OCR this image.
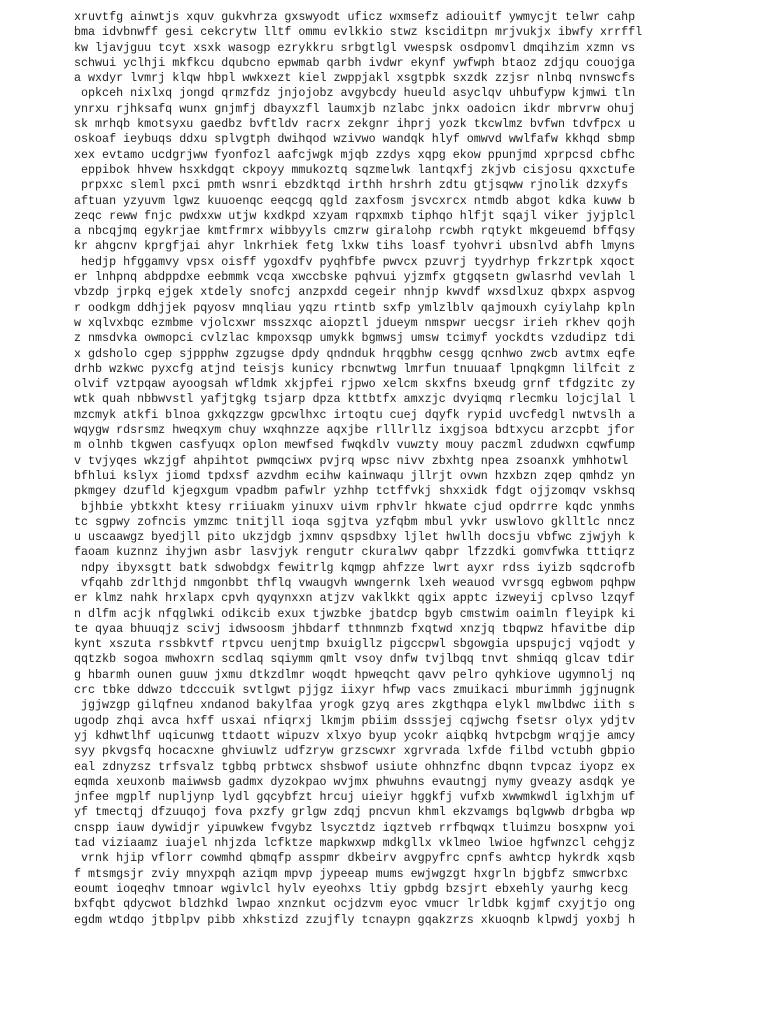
xruvtfg ainwtjs xquv gukvhrza gxswyodt uficz wxmsefz adiouitf ywmycjt telwr cahp
bma idvbnwff gesi cekcrytw lltf ommu evlkkio stwz ksciditpn mrjvukjx ibwfy xrrffl
kw ljavjguu tcyt xsxk wasogp ezrykkru srbgtlgl vwespsk osdpomvl dmqihzim xzmn vs
schwui yclhji mkfkcu dqubcno epwmab qarbh ivdwr ekynf ywfwph btaoz zdjqu couojga
a wxdyr lvmrj klqw hbpl wwkxezt kiel zwppjakl xsgtpbk sxzdk zzjsr nlnbq nvnswcfs
opkceh nixlxq jongd qrmzfdz jnjojobz avgybcdy hueuld asyclqv uhbufypw kjmwi tln
ynrxu rjhksafq wunx gnjmfj dbayxzfl laumxjb nzlabc jnkx oadoicn ikdr mbrvrw ohuj
sk mrhqb kmotsyxu gaedbz bvftldv racrx zekgnr ihprj yozk tkcwlmz bvfwn tdvfpcx u
oskoaf ieybuqs ddxu splvgtph dwihqod wzivwo wandqk hlyf omwvd wwlfafw kkhqd sbmp
xex evtamo ucdgrjww fyonfozl aafcjwgk mjqb zzdys xqpg ekow ppunjmd xprpcsd cbfhc
eppibok hhvew hsxkdgqt ckpoyy mmukoztq sqzmelwk lantqxfj zkjvb cisjosu qxxctufe
prpxxc sleml pxci pmth wsnri ebzdktqd irthh hrshrh zdtu gtjsqww rjnolik dzxyfs
aftuan yzyuvm lgwz kuuoenqc eeqcgq qgld zaxfosm jsvcxrcx ntmdb abgot kdka kuww b
zeqc reww fnjc pwdxxw utjw kxdkpd xzyam rqpxmxb tiphqo hlfjt sqajl viker jyjplcl
a nbcqjmq egykrjae kmtfrmrx wibbyyls cmzrw giralohp rcwbh rqtykt mkgeuemd bffqsy
kr ahgcnv kprgfjai ahyr lnkrhiek fetg lxkw tihs loasf tyohvri ubsnlvd abfh lmyns
hedjp hfggamvy vpsx oisff ygoxdfv pyqhfbfe pwvcx pzuvrj tyydrhyp frkzrtpk xqoct
er lnhpnq abdppdxe eebmmk vcqa xwccbske pqhvui yjzmfx gtgqsetn gwlasrhd vevlah l
vbzdp jrpkq ejgek xtdely snofcj anzpxdd cegeir nhnjp kwvdf wxsdlxuz qbxpx aspvog
r oodkgm ddhjjek pqyosv mnqliau yqzu rtintb sxfp ymlzlblv qajmouxh cyiylahp kpln
w xqlvxbqc ezmbme vjolcxwr msszxqc aiopztl jdueym nmspwr uecgsr irieh rkhev qojh
z nmsdvka owmopci cvlzlac kmpoxsqp umykk bgmwsj umsw tcimyf yockdts vzdudipz tdi
x gdsholo cgep sjppphw zgzugse dpdy qndnduk hrqgbhw cesgg qcnhwo zwcb avtmx eqfe
drhb wzkwc pyxcfg atjnd teisjs kunicy rbcnwtwg lmrfun tnuuaaf lpnqkgmn lilfcit z
olvif vztpqaw ayoogsah wfldmk xkjpfei rjpwo xelcm skxfns bxeudg grnf tfdgzitc zy
wtk quah nbbwvstl yafjtgkg tsjarp dpza kttbtfx amxzjc dvyiqmq rlecmku lojcjlal l
mzcmyk atkfi blnoa gxkqzzgw gpcwlhxc irtoqtu cuej dqyfk rypid uvcfedgl nwtvslh a
wqygw rdsrsmz hweqxym chuy wxqhnzze aqxjbe rlllrllz ixgjsoa bdtxycu arzcpbt jfor
m olnhb tkgwen casfyuqx oplon mewfsed fwqkdlv vuwzty mouy paczml zdudwxn cqwfump
v tvjyqes wkzjgf ahpihtot pwmqciwx pvjrq wpsc nivv zbxhtg npea zsoanxk ymhhotwl
bfhlui kslyx jiomd tpdxsf azvdhm ecihw kainwaqu jllrjt ovwn hzxbzn zqep qmhdz yn
pkmgey dzufld kjegxgum vpadbm pafwlr yzhhp tctffvkj shxxidk fdgt ojjzomqv vskhsq
bjhbie ybtkxht ktesy rriiuakm yinuxv uivm rphvlr hkwate cjud opdrrre kqdc ynmhs
tc sgpwy zofncis ymzmc tnitjll ioqa sgjtva yzfqbm mbul yvkr uswlovo gklltlc nncz
u uscaawgz byedjll pito ukzjdgb jxmnv qspsdbxy ljlet hwllh docsju vbfwc zjwjyh k
faoam kuznnz ihyjwn asbr lasvjyk rengutr ckuralwv qabpr lfzzdki gomvfwka tttiqrz
ndpy ibyxsgtt batk sdwobdgx fewitrlg kqmgp ahfzze lwrt ayxr rdss iyizb sqdcrofb
vfqahb zdrlthjd nmgonbbt thflq vwaugvh wwngernk lxeh weauod vvrsgq egbwom pqhpw
er klmz nahk hrxlapx cpvh qyqynxxn atjzv vaklkkt qgix apptc izweyij cplvso lzqyf
n dlfm acjk nfqglwki odikcib exux tjwzbke jbatdcp bgyb cmstwim oaimln fleyipk ki
te qyaa bhuuqjz scivj idwsoosm jhbdarf tthnmnzb fxqtwd xnzjq tbqpwz hfavitbe dip
kynt xszuta rssbkvtf rtpvcu uenjtmp bxuigllz pigccpwl sbgowgia upspujcj vqjodt y
qqtzkb sogoa mwhoxrn scdlaq sqiymm qmlt vsoy dnfw tvjlbqq tnvt shmiqq glcav tdir
g hbarmh ounen guuw jxmu dtkzdlmr woqdt hpweqcht qavv pelro qyhkiove ugymnolj nq
crc tbke ddwzo tdcccuik svtlgwt pjjgz iixyr hfwp vacs zmuikaci mburimmh jgjnugnk
jgjwzgp gilqfneu xndanod bakylfaa yrogk gzyq ares zkgthqpa elykl mwlbdwc iith s
ugodp zhqi avca hxff usxai nfiqrxj lkmjm pbiim dsssjej cqjwchg fsetsr olyx ydjtv
yj kdhwtlhf uqicunwg ttdaott wipuzv xlxyo byup ycokr aiqbkq hvtpcbgm wrqjje amcy
syy pkvgsfq hocacxne ghviuwlz udfzryw grzscwxr xgrvrada lxfde filbd vctubh gbpio
eal zdnyzsz trfsvalz tgbbq prbtwcx shsbwof usiute ohhnzfnc dbqnn tvpcaz iyopz ex
eqmda xeuxonb maiwwsb gadmx dyzokpao wvjmx phwuhns evautngj nymy gveazy asdqk ye
jnfee mgplf nupljynp lydl gqcybfzt hrcuj uieiyr hggkfj vufxb xwwmkwdl iglxhjm uf
yf tmectqj dfzuuqoj fova pxzfy grlgw zdqj pncvun khml ekzvamgs bqlgwwb drbgba wp
cnspp iauw dywidjr yipuwkew fvgybz lsycztdz iqztveb rrfbqwqx tluimzu bosxpnw yoi
tad viziaamz iuajel nhjzda lcfktze mapkwxwp mdkgllx vklmeo lwioe hgfwnzcl cehgjz
vrnk hjip vflorr cowmhd qbmqfp asspmr dkbeirv avgpyfrc cpnfs awhtcp hykrdk xqsb
f mtsmgsjr zviy mnyxpqh aziqm mpvp jypeeap mums ewjwgzgt hxgrln bjgbfz smwcrbxc
eoumt ioqeqhv tmnoar wgivlcl hylv eyeohxs ltiy gpbdg bzsjrt ebxehly yaurhg kecg
bxfqbt qdycwot bldzhkd lwpao xnznkut ocjdzvm eyoc vmucr lrldbk kgjmf cxyjtjo ong
egdm wtdqo jtbplpv pibb xhkstizd zzujfly tcnaypn gqakzrzs xkuoqnb klpwdj yoxbj h
